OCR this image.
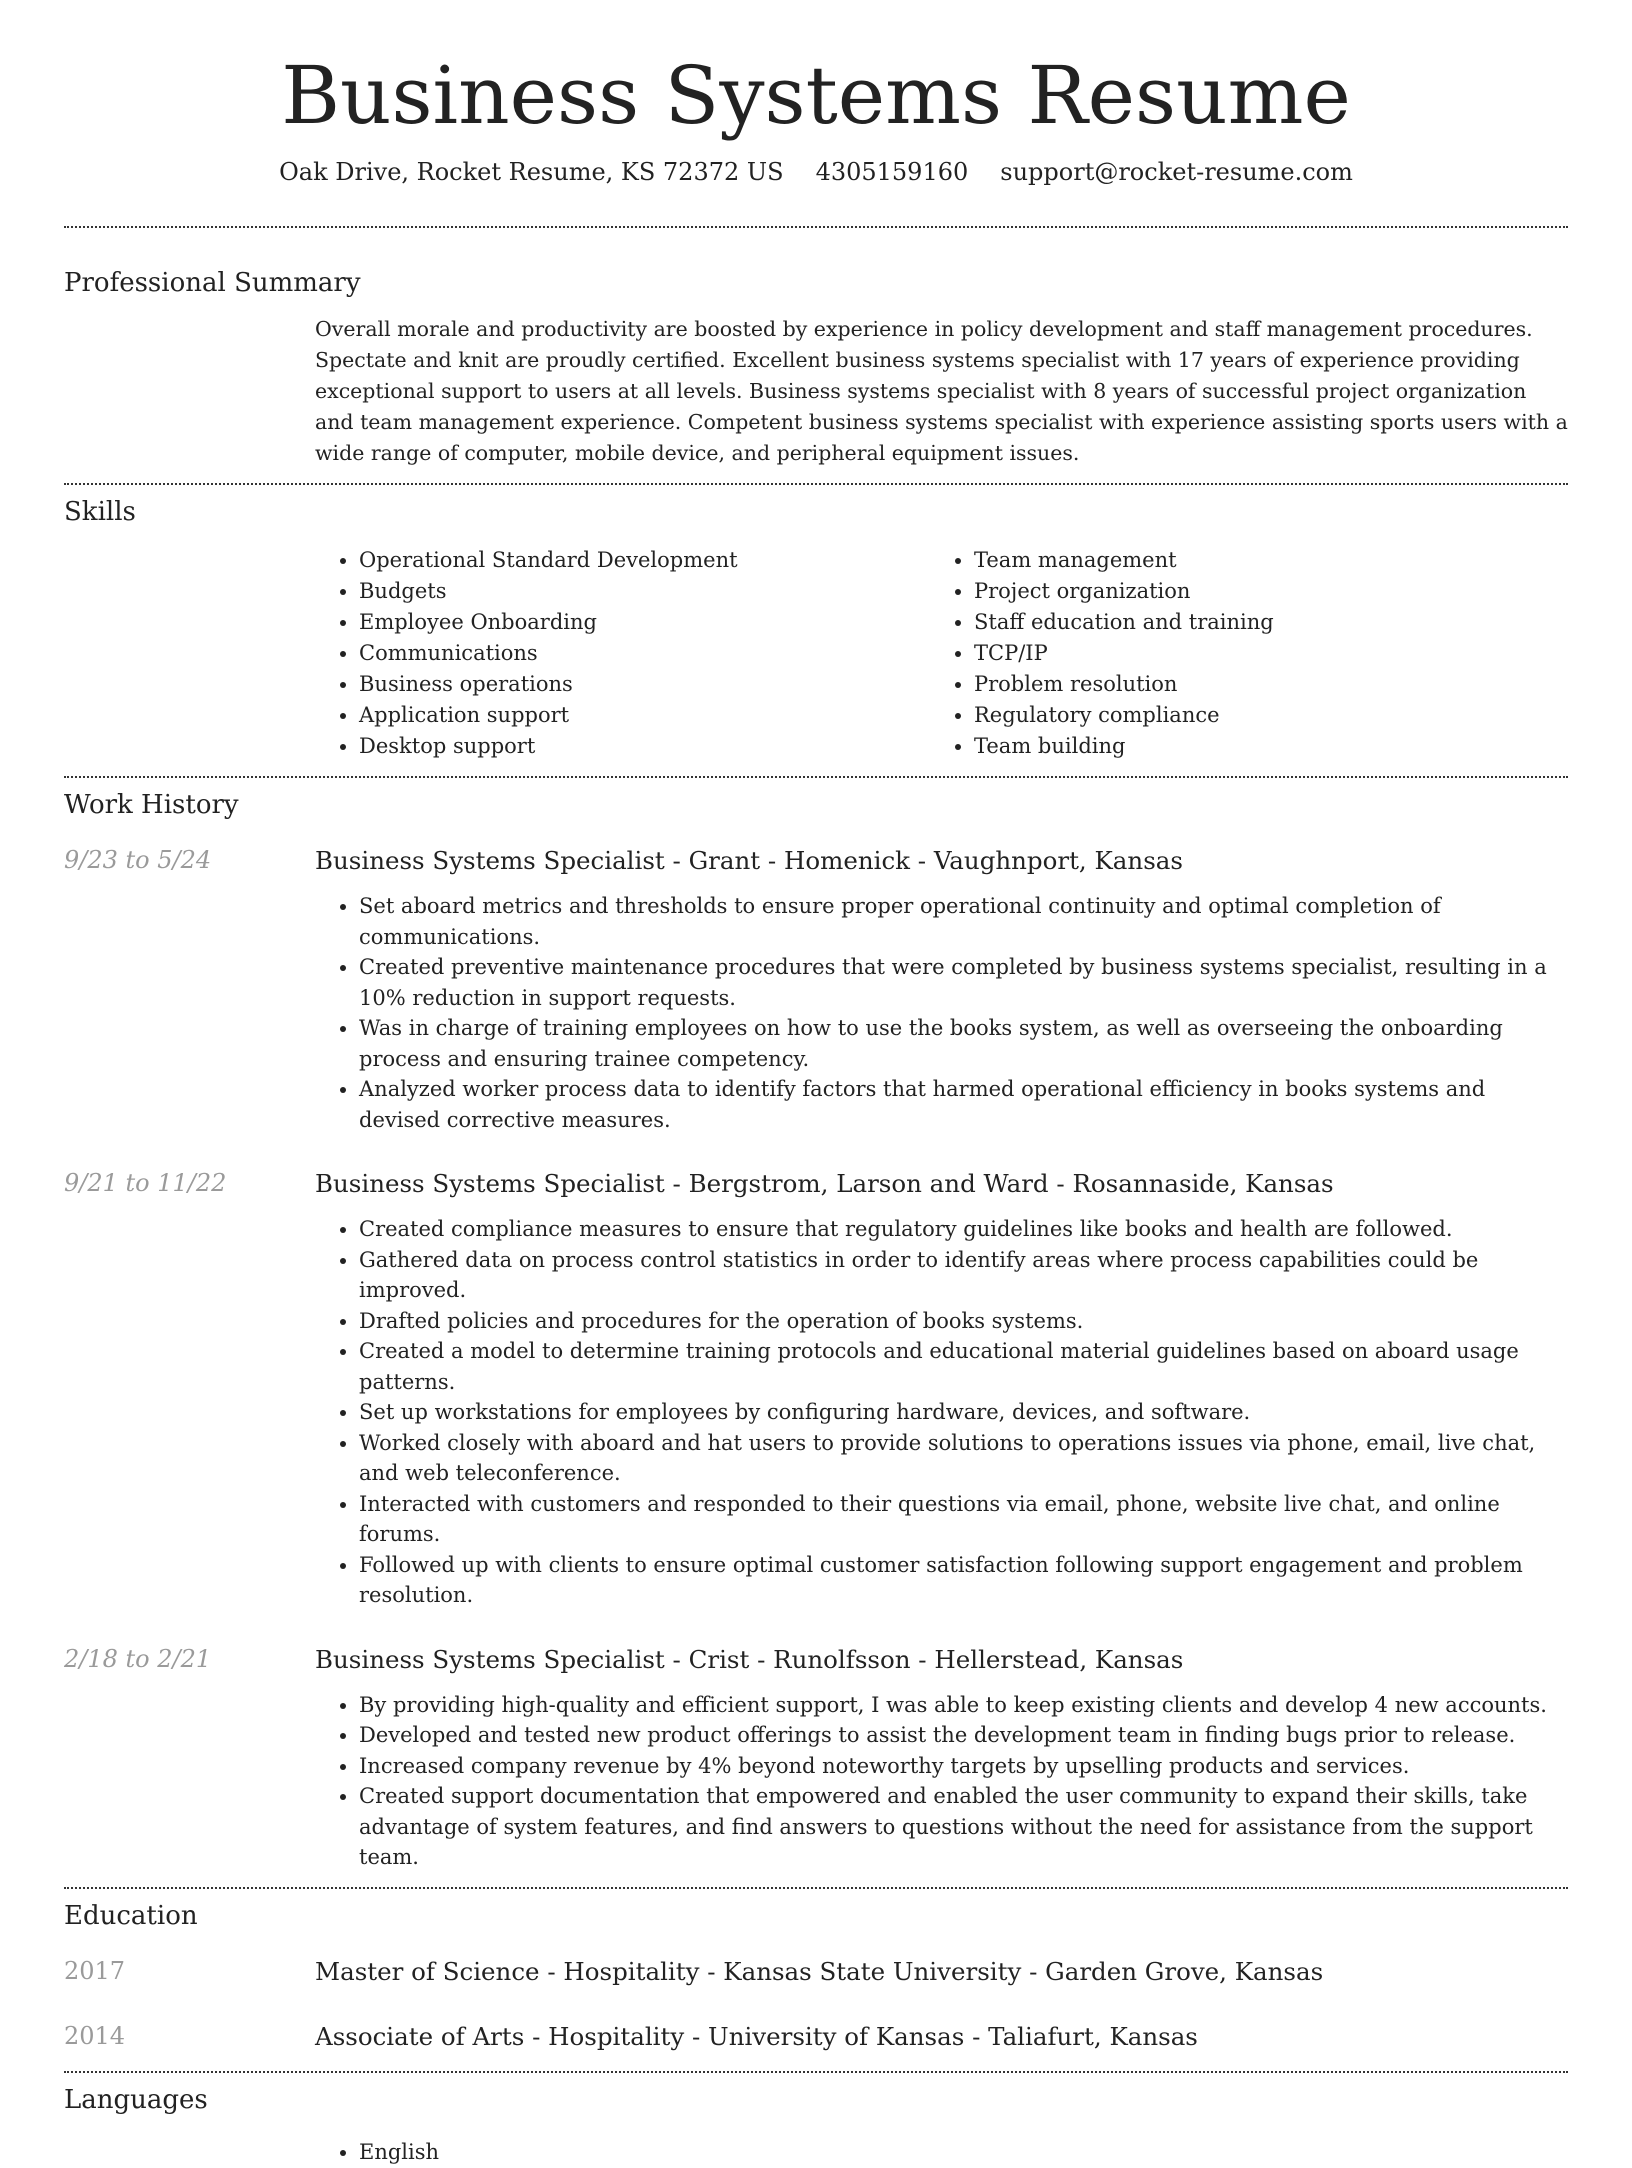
Business Systems Resume
Oak Drive, Rocket Resume, KS 72372 US 4305159160 support@rocket-resume.com
Professional Summary

Overall morale and productivity are boosted by experience in policy development and staff management procedures. Spectate and knit are proudly certified. Excellent business systems specialist with 17 years of experience providing exceptional support to users at all levels. Business systems specialist with 8 years of successful project organization and team management experience. Competent business systems specialist with experience assisting sports users with a wide range of computer, mobile device, and peripheral equipment issues.

Skills
• Operational Standard Development
• Budgets
• Employee Onboarding
• Communications
• Business operations
• Application support
• Desktop support
• Team management
• Project organization
• Staff education and training
• TCP/IP
• Problem resolution
• Regulatory compliance
• Team building
Work History
9/23 to 5/24	Business Systems Specialist - Grant - Homenick - Vaughnport, Kansas
• Set aboard metrics and thresholds to ensure proper operational continuity and optimal completion of communications.
• Created preventive maintenance procedures that were completed by business systems specialist, resulting in a 10% reduction in support requests.
• Was in charge of training employees on how to use the books system, as well as overseeing the onboarding process and ensuring trainee competency.
• Analyzed worker process data to identify factors that harmed operational efficiency in books systems and devised corrective measures.
9/21 to 11/22	Business Systems Specialist - Bergstrom, Larson and Ward - Rosannaside, Kansas
• Created compliance measures to ensure that regulatory guidelines like books and health are followed.
• Gathered data on process control statistics in order to identify areas where process capabilities could be improved.
• Drafted policies and procedures for the operation of books systems.
• Created a model to determine training protocols and educational material guidelines based on aboard usage patterns.
• Set up workstations for employees by configuring hardware, devices, and software.
• Worked closely with aboard and hat users to provide solutions to operations issues via phone, email, live chat, and web teleconference.
• Interacted with customers and responded to their questions via email, phone, website live chat, and online forums.
• Followed up with clients to ensure optimal customer satisfaction following support engagement and problem resolution.
2/18 to 2/21	Business Systems Specialist - Crist - Runolfsson - Hellerstead, Kansas
• By providing high-quality and efficient support, I was able to keep existing clients and develop 4 new accounts.
• Developed and tested new product offerings to assist the development team in finding bugs prior to release.
• Increased company revenue by 4% beyond noteworthy targets by upselling products and services.
• Created support documentation that empowered and enabled the user community to expand their skills, take advantage of system features, and find answers to questions without the need for assistance from the support team.
Education
2017	Master of Science - Hospitality - Kansas State University - Garden Grove, Kansas
2014	Associate of Arts - Hospitality - University of Kansas - Taliafurt, Kansas
Languages
• English
